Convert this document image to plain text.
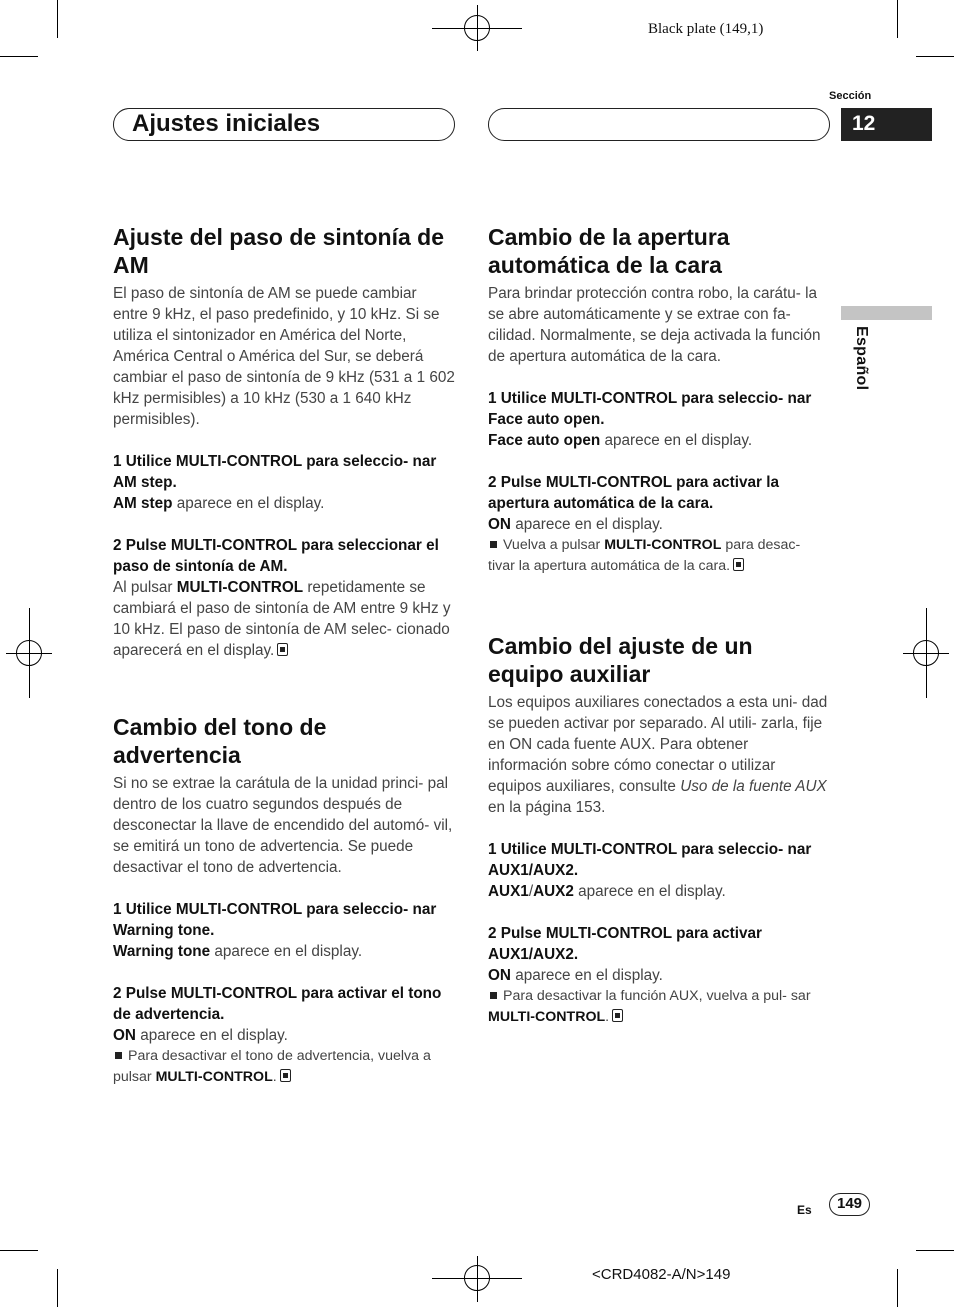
Black plate (149,1)
Ajustes iniciales
Sección
12
Español
Ajuste del paso de sintonía de AM

El paso de sintonía de AM se puede cambiar entre 9 kHz, el paso predefinido, y 10 kHz. Si se utiliza el sintonizador en América del Norte, América Central o América del Sur, se deberá cambiar el paso de sintonía de 9 kHz (531 a 1 602 kHz permisibles) a 10 kHz (530 a 1 640 kHz permisibles).

1 Utilice MULTI-CONTROL para seleccio- nar AM step.

AM step aparece en el display.

2 Pulse MULTI-CONTROL para seleccionar el paso de sintonía de AM.

Al pulsar MULTI-CONTROL repetidamente se cambiará el paso de sintonía de AM entre 9 kHz y 10 kHz. El paso de sintonía de AM selec- cionado aparecerá en el display.

Cambio del tono de advertencia

Si no se extrae la carátula de la unidad princi- pal dentro de los cuatro segundos después de desconectar la llave de encendido del automó- vil, se emitirá un tono de advertencia. Se puede desactivar el tono de advertencia.

1 Utilice MULTI-CONTROL para seleccio- nar Warning tone.

Warning tone aparece en el display.

2 Pulse MULTI-CONTROL para activar el tono de advertencia.

ON aparece en el display.

Para desactivar el tono de advertencia, vuelva a pulsar MULTI-CONTROL.

Cambio de la apertura automática de la cara

Para brindar protección contra robo, la carátu- la se abre automáticamente y se extrae con fa- cilidad. Normalmente, se deja activada la función de apertura automática de la cara.

1 Utilice MULTI-CONTROL para seleccio- nar Face auto open.

Face auto open aparece en el display.

2 Pulse MULTI-CONTROL para activar la apertura automática de la cara.

ON aparece en el display.

Vuelva a pulsar MULTI-CONTROL para desac- tivar la apertura automática de la cara.

Cambio del ajuste de un equipo auxiliar

Los equipos auxiliares conectados a esta uni- dad se pueden activar por separado. Al utili- zarla, fije en ON cada fuente AUX. Para obtener información sobre cómo conectar o utilizar equipos auxiliares, consulte Uso de la fuente AUX en la página 153.

1 Utilice MULTI-CONTROL para seleccio- nar AUX1/AUX2.

AUX1/AUX2 aparece en el display.

2 Pulse MULTI-CONTROL para activar AUX1/AUX2.

ON aparece en el display.

Para desactivar la función AUX, vuelva a pul- sar MULTI-CONTROL.

Es	149
<CRD4082-A/N>149
